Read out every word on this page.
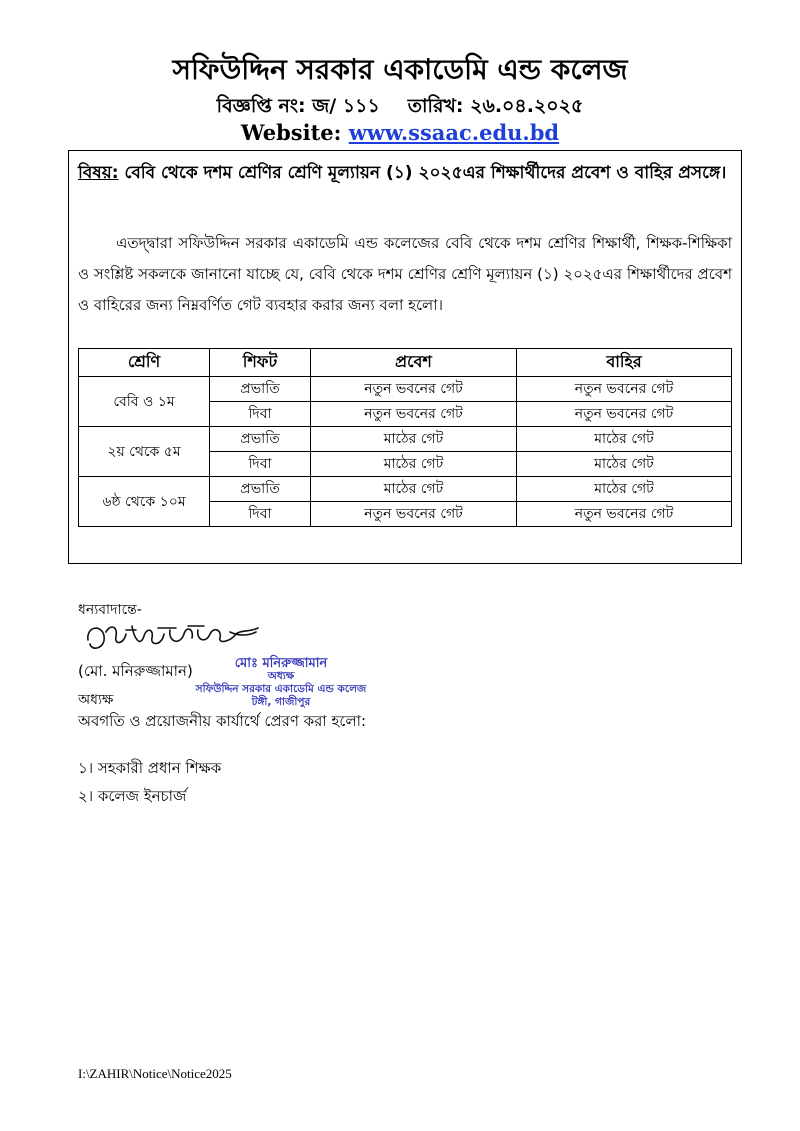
সফিউদ্দিন সরকার একাডেমি এন্ড কলেজ
বিজ্ঞপ্তি নং: জ/ ১১১ তারিখ: ২৬.০৪.২০২৫
Website: www.ssaac.edu.bd
বিষয়: বেবি থেকে দশম শ্রেণির শ্রেণি মূল্যায়ন (১) ২০২৫এর শিক্ষার্থীদের প্রবেশ ও বাহির প্রসঙ্গে।
এতদ্দ্বারা সফিউদ্দিন সরকার একাডেমি এন্ড কলেজের বেবি থেকে দশম শ্রেণির শিক্ষার্থী, শিক্ষক-শিক্ষিকা ও সংশ্লিষ্ট সকলকে জানানো যাচ্ছে যে, বেবি থেকে দশম শ্রেণির শ্রেণি মূল্যায়ন (১) ২০২৫এর শিক্ষার্থীদের প্রবেশ ও বাহিরের জন্য নিম্নবর্ণিত গেট ব্যবহার করার জন্য বলা হলো।
শ্রেণি	শিফট	প্রবেশ	বাহির
বেবি ও ১ম	প্রভাতি	নতুন ভবনের গেট	নতুন ভবনের গেট
	দিবা	নতুন ভবনের গেট	নতুন ভবনের গেট
২য় থেকে ৫ম	প্রভাতি	মাঠের গেট	মাঠের গেট
	দিবা	মাঠের গেট	মাঠের গেট
৬ষ্ঠ থেকে ১০ম	প্রভাতি	মাঠের গেট	মাঠের গেট
	দিবা	নতুন ভবনের গেট	নতুন ভবনের গেট
ধন্যবাদান্তে-
(মো. মনিরুজ্জামান)	মোঃ মনিরুজ্জামান
অধ্যক্ষ
সফিউদ্দিন সরকার একাডেমি এন্ড কলেজ
টঙ্গী, গাজীপুর
অধ্যক্ষ
অবগতি ও প্রয়োজনীয় কার্যার্থে প্রেরণ করা হলো:
১। সহকারী প্রধান শিক্ষক
২। কলেজ ইনচার্জ
I:\ZAHIR\Notice\Notice2025
